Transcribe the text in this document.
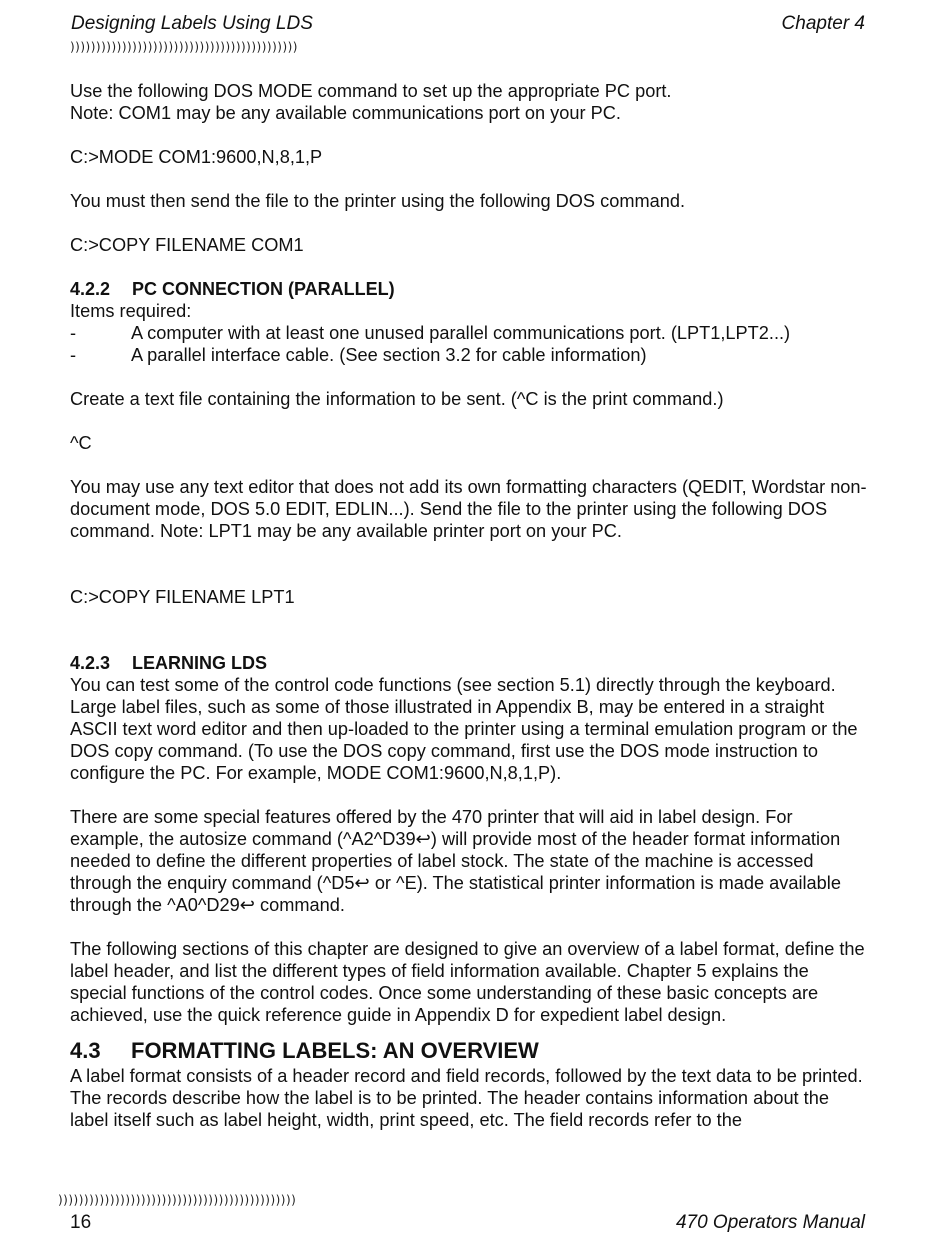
Designing Labels Using LDS	Chapter 4
))))))))))))))))))))))))))))))))))))))))))))

Use the following DOS MODE command to set up the appropriate PC port.

Note: COM1 may be any available communications port on your PC.

C:>MODE COM1:9600,N,8,1,P

You must then send the file to the printer using the following DOS command.

C:>COPY FILENAME COM1

4.2.2 PC CONNECTION (PARALLEL)

Items required:

-	A computer with at least one unused parallel communications port. (LPT1,LPT2...)
-	A parallel interface cable. (See section 3.2 for cable information)

Create a text file containing the information to be sent. (^C is the print command.)

^C

You may use any text editor that does not add its own formatting characters (QEDIT, Wordstar non-document mode, DOS 5.0 EDIT, EDLIN...). Send the file to the printer using the following DOS command. Note: LPT1 may be any available printer port on your PC.

C:>COPY FILENAME LPT1

4.2.3 LEARNING LDS

You can test some of the control code functions (see section 5.1) directly through the keyboard. Large label files, such as some of those illustrated in Appendix B, may be entered in a straight ASCII text word editor and then up-loaded to the printer using a terminal emulation program or the DOS copy command. (To use the DOS copy command, first use the DOS mode instruction to configure the PC. For example, MODE COM1:9600,N,8,1,P).

There are some special features offered by the 470 printer that will aid in label design. For example, the autosize command (^A2^D39↩) will provide most of the header format information needed to define the different properties of label stock. The state of the machine is accessed through the enquiry command (^D5↩ or ^E). The statistical printer information is made available through the ^A0^D29↩ command.

The following sections of this chapter are designed to give an overview of a label format, define the label header, and list the different types of field information available. Chapter 5 explains the special functions of the control codes. Once some understanding of these basic concepts are achieved, use the quick reference guide in Appendix D for expedient label design.

4.3 FORMATTING LABELS: AN OVERVIEW

A label format consists of a header record and field records, followed by the text data to be printed. The records describe how the label is to be printed. The header contains information about the label itself such as label height, width, print speed, etc. The field records refer to the

))))))))))))))))))))))))))))))))))))))))))))))
16	470 Operators Manual
